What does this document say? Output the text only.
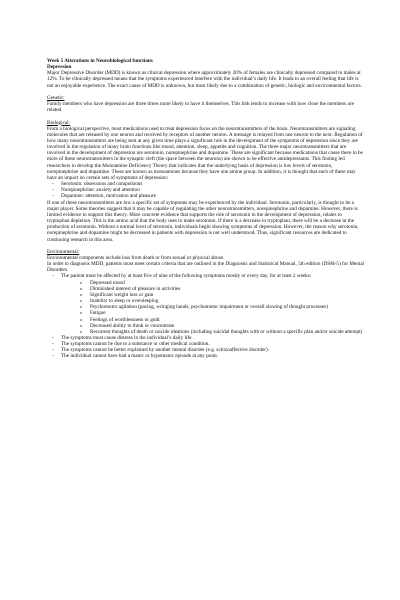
Week 5 Alterations in Neurobiological functions

Depression

Major Depressive Disorder (MDD) is known as clinical depression where approximately 20% of females are clinically depressed compared to males at 12%. To be clinically depressed means that the symptoms experienced interfere with the individual’s daily life. It leads to an overall feeling that life is not an enjoyable experience. The exact cause of MDD is unknown, but most likely due to a combination of genetic, biologic and environmental factors.

Genetic:

Family members who have depression are three times more likely to have it themselves. This link tends to increase with how close the members are related.

Biological:

From a biological perspective, most medications used to treat depression focus on the neurotransmitters of the brain. Neurotransmitters are signaling molecules that are released by one neuron and received by receptors of another neuron. A message is relayed from one neuron to the next. Regulation of how many neurotransmitters are being sent at any given time plays a significant role in the development of the symptoms of depression since they are involved in the regulation of many brain functions like mood, attention, sleep, appetite and cognition. The three major neurotransmitters that are involved in the development of depression are serotonin, norepinephrine and dopamine. These are significant because medications that cause there to be more of these neurotransmitters in the synaptic cleft (the space between the neurons) are shown to be effective antidepressants. This finding led researchers to develop the Monoamine Deficiency Theory that indicates that the underlying basis of depression is low levels of serotonin, norepinephrine and dopamine. These are known as monoamines because they have one amine group. In addition, it is thought that each of these may have an impact on certain sets of symptoms of depression:

- Serotonin: obsessions and compulsions
- Norepinephrine: anxiety and attention
- Dopamine: attention, motivation and pleasure

If one of these neurotransmitters are low a specific set of symptoms may be experienced by the individual. Serotonin, particularly, is thought to be a major player. Some theories suggest that it may be capable of regulating the other neurotransmitters, norepinephrine and dopamine. However, there is limited evidence to support this theory. More concrete evidence that supports the role of serotonin in the development of depression, relates to tryptophan depletion. This is the amino acid that the body uses to make serotonin. If there is a decrease in tryptophan, there will be a decrease in the production of serotonin. Without a normal level of serotonin, individuals begin showing symptoms of depression. However, the reason why serotonin, norepinephrine and dopamine might be decreased in patients with depression is not well understood. Thus, significant resources are dedicated to continuing research in this area.

Environmental:

Environmental components include loss from death or from sexual or physical abuse.

In order to diagnosis MDD, patients must meet certain criteria that are outlined in the Diagnostic and Statistical Manual, 5th edition (DSM-5) for Mental Disorders.

- The patient must be affected by at least five of nine of the following symptoms mostly or every day, for at least 2 weeks:
o Depressed mood
o Diminished interest of pleasure in activities
o Significant weight loss or gain
o Inability to sleep or oversleeping
o Psychomotor agitation (pacing, wringing hands, psychomotor impairment or overall slowing of thought processes)
o Fatigue
o Feelings of worthlessness or guilt
o Decreased ability to think or concentrate
o Recurrent thoughts of death or suicide ideations (including suicidal thoughts with or without a specific plan and/or suicide attempt)
- The symptoms must cause distress in the individual’s daily life.
- The symptoms cannot be due to a substance or other medical condition.
- The symptoms cannot be better explained by another mental disorder (e.g. schizoaffective disorder).
- The individual cannot have had a manic or hypomanic episode at any point.
